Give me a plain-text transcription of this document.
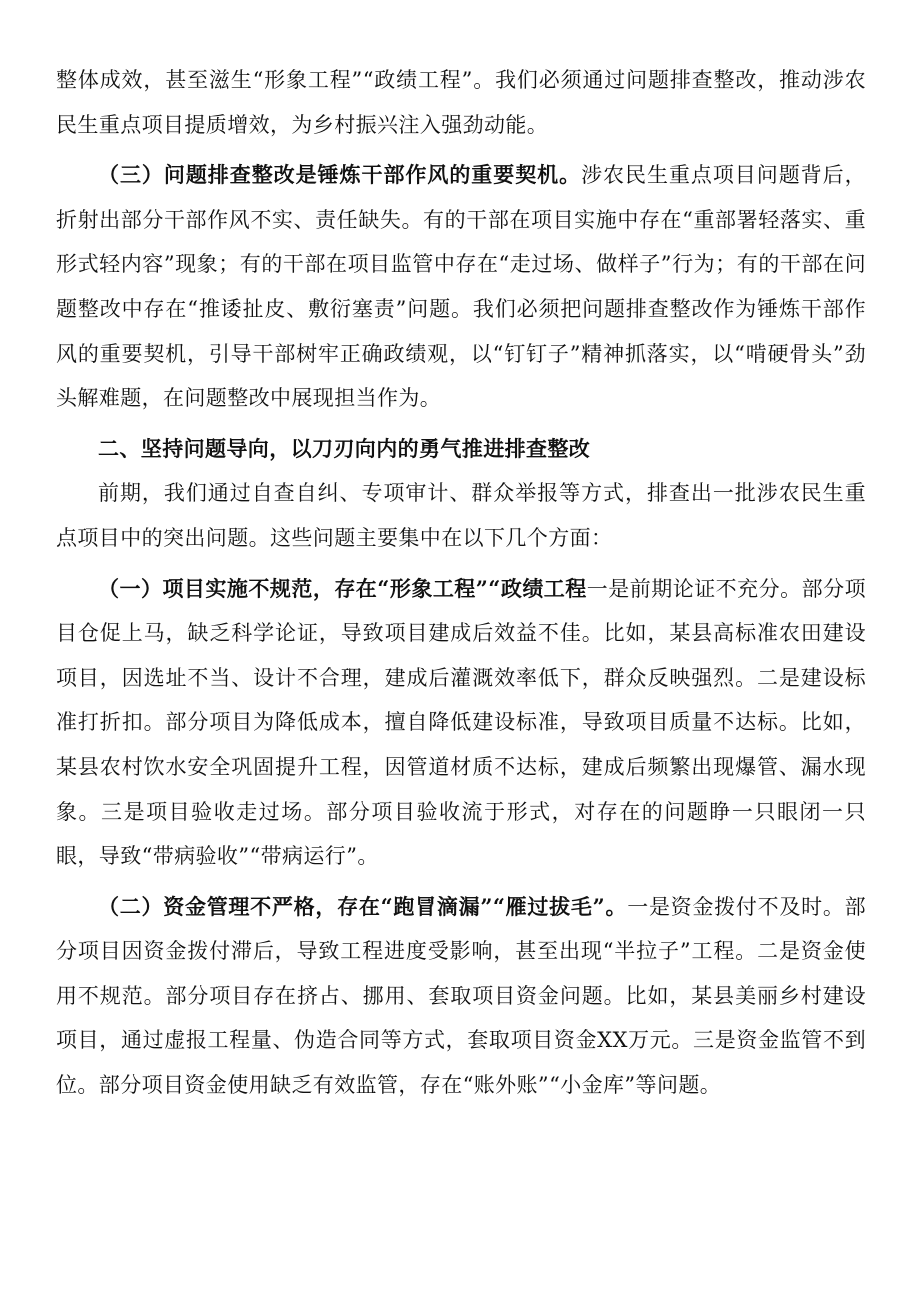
整体成效，甚至滋生“形象工程”“政绩工程”。我们必须通过问题排查整改，推动涉农民生重点项目提质增效，为乡村振兴注入强劲动能。

（三）问题排查整改是锤炼干部作风的重要契机。涉农民生重点项目问题背后，折射出部分干部作风不实、责任缺失。有的干部在项目实施中存在“重部署轻落实、重形式轻内容”现象；有的干部在项目监管中存在“走过场、做样子”行为；有的干部在问题整改中存在“推诿扯皮、敷衍塞责”问题。我们必须把问题排查整改作为锤炼干部作风的重要契机，引导干部树牢正确政绩观，以“钉钉子”精神抓落实，以“啃硬骨头”劲头解难题，在问题整改中展现担当作为。

二、坚持问题导向，以刀刃向内的勇气推进排查整改

前期，我们通过自查自纠、专项审计、群众举报等方式，排查出一批涉农民生重点项目中的突出问题。这些问题主要集中在以下几个方面：

（一）项目实施不规范，存在“形象工程”“政绩工程一是前期论证不充分。部分项目仓促上马，缺乏科学论证，导致项目建成后效益不佳。比如，某县高标准农田建设项目，因选址不当、设计不合理，建成后灌溉效率低下，群众反映强烈。二是建设标准打折扣。部分项目为降低成本，擅自降低建设标准，导致项目质量不达标。比如，某县农村饮水安全巩固提升工程，因管道材质不达标，建成后频繁出现爆管、漏水现象。三是项目验收走过场。部分项目验收流于形式，对存在的问题睁一只眼闭一只眼，导致“带病验收”“带病运行”。

（二）资金管理不严格，存在“跑冒滴漏”“雁过拔毛”。一是资金拨付不及时。部分项目因资金拨付滞后，导致工程进度受影响，甚至出现“半拉子”工程。二是资金使用不规范。部分项目存在挤占、挪用、套取项目资金问题。比如，某县美丽乡村建设项目，通过虚报工程量、伪造合同等方式，套取项目资金XX万元。三是资金监管不到位。部分项目资金使用缺乏有效监管，存在“账外账”“小金库”等问题。
